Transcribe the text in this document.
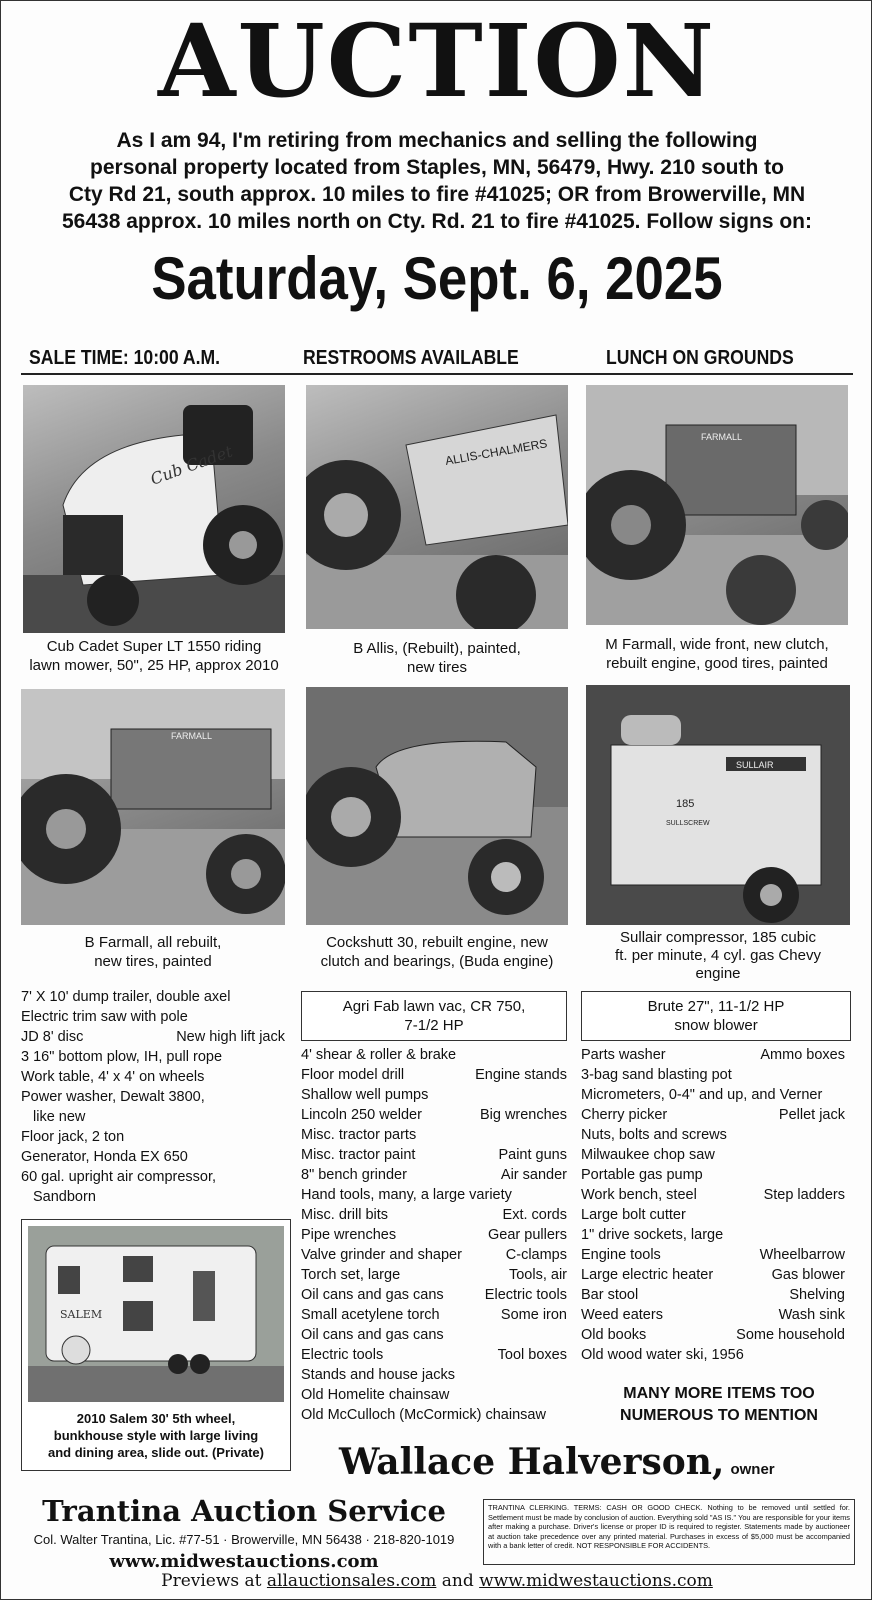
AUCTION
As I am 94, I'm retiring from mechanics and selling the following
personal property located from Staples, MN, 56479, Hwy. 210 south to
Cty Rd 21, south approx. 10 miles to fire #41025; OR from Browerville, MN
56438 approx. 10 miles north on Cty. Rd. 21 to fire #41025. Follow signs on:
Saturday, Sept. 6, 2025
SALE TIME: 10:00 A.M.	RESTROOMS AVAILABLE	LUNCH ON GROUNDS
Cub Cadet	ALLIS-CHALMERS	FARMALL
Cub Cadet Super LT 1550 riding
lawn mower, 50", 25 HP, approx 2010
B Allis, (Rebuilt), painted,
new tires
M Farmall, wide front, new clutch,
rebuilt engine, good tires, painted
FARMALL
SULLAIR
185
SULLSCREW
B Farmall, all rebuilt,
new tires, painted
Cockshutt 30, rebuilt engine, new
clutch and bearings, (Buda engine)
Sullair compressor, 185 cubic
ft. per minute, 4 cyl. gas Chevy
engine
7' X 10' dump trailer, double axel
Electric trim saw with pole
JD 8' disc	New high lift jack
3 16" bottom plow, IH, pull rope
Work table, 4' x 4' on wheels
Power washer, Dewalt 3800,
like new
Floor jack, 2 ton
Generator, Honda EX 650
60 gal. upright air compressor,
Sandborn
Agri Fab lawn vac, CR 750,
7-1/2 HP
Brute 27", 11-1/2 HP
snow blower
4' shear & roller & brake
Floor model drill	Engine stands
Shallow well pumps
Lincoln 250 welder	Big wrenches
Misc. tractor parts
Misc. tractor paint	Paint guns
8" bench grinder	Air sander
Hand tools, many, a large variety
Misc. drill bits	Ext. cords
Pipe wrenches	Gear pullers
Valve grinder and shaper	C-clamps
Torch set, large	Tools, air
Oil cans and gas cans	Electric tools
Small acetylene torch	Some iron
Oil cans and gas cans
Electric tools	Tool boxes
Stands and house jacks
Old Homelite chainsaw
Old McCulloch (McCormick) chainsaw
Parts washer	Ammo boxes
3-bag sand blasting pot
Micrometers, 0-4" and up, and Verner
Cherry picker	Pellet jack
Nuts, bolts and screws
Milwaukee chop saw
Portable gas pump
Work bench, steel	Step ladders
Large bolt cutter
1" drive sockets, large
Engine tools	Wheelbarrow
Large electric heater	Gas blower
Bar stool	Shelving
Weed eaters	Wash sink
Old books	Some household
Old wood water ski, 1956
SALEM
2010 Salem 30' 5th wheel,
bunkhouse style with large living
and dining area, slide out. (Private)
MANY MORE ITEMS TOO
NUMEROUS TO MENTION
Wallace Halverson, owner
Trantina Auction Service
Col. Walter Trantina, Lic. #77-51 · Browerville, MN 56438 · 218-820-1019
www.midwestauctions.com
TRANTINA CLERKING. TERMS: CASH OR GOOD CHECK. Nothing to be removed until settled for. Settlement must be made by conclusion of auction. Everything sold "AS IS." You are responsible for your items after making a purchase. Driver's license or proper ID is required to register. Statements made by auctioneer at auction take precedence over any printed material. Purchases in excess of $5,000 must be accompanied with a bank letter of credit. NOT RESPONSIBLE FOR ACCIDENTS.
Previews at allauctionsales.com and www.midwestauctions.com
